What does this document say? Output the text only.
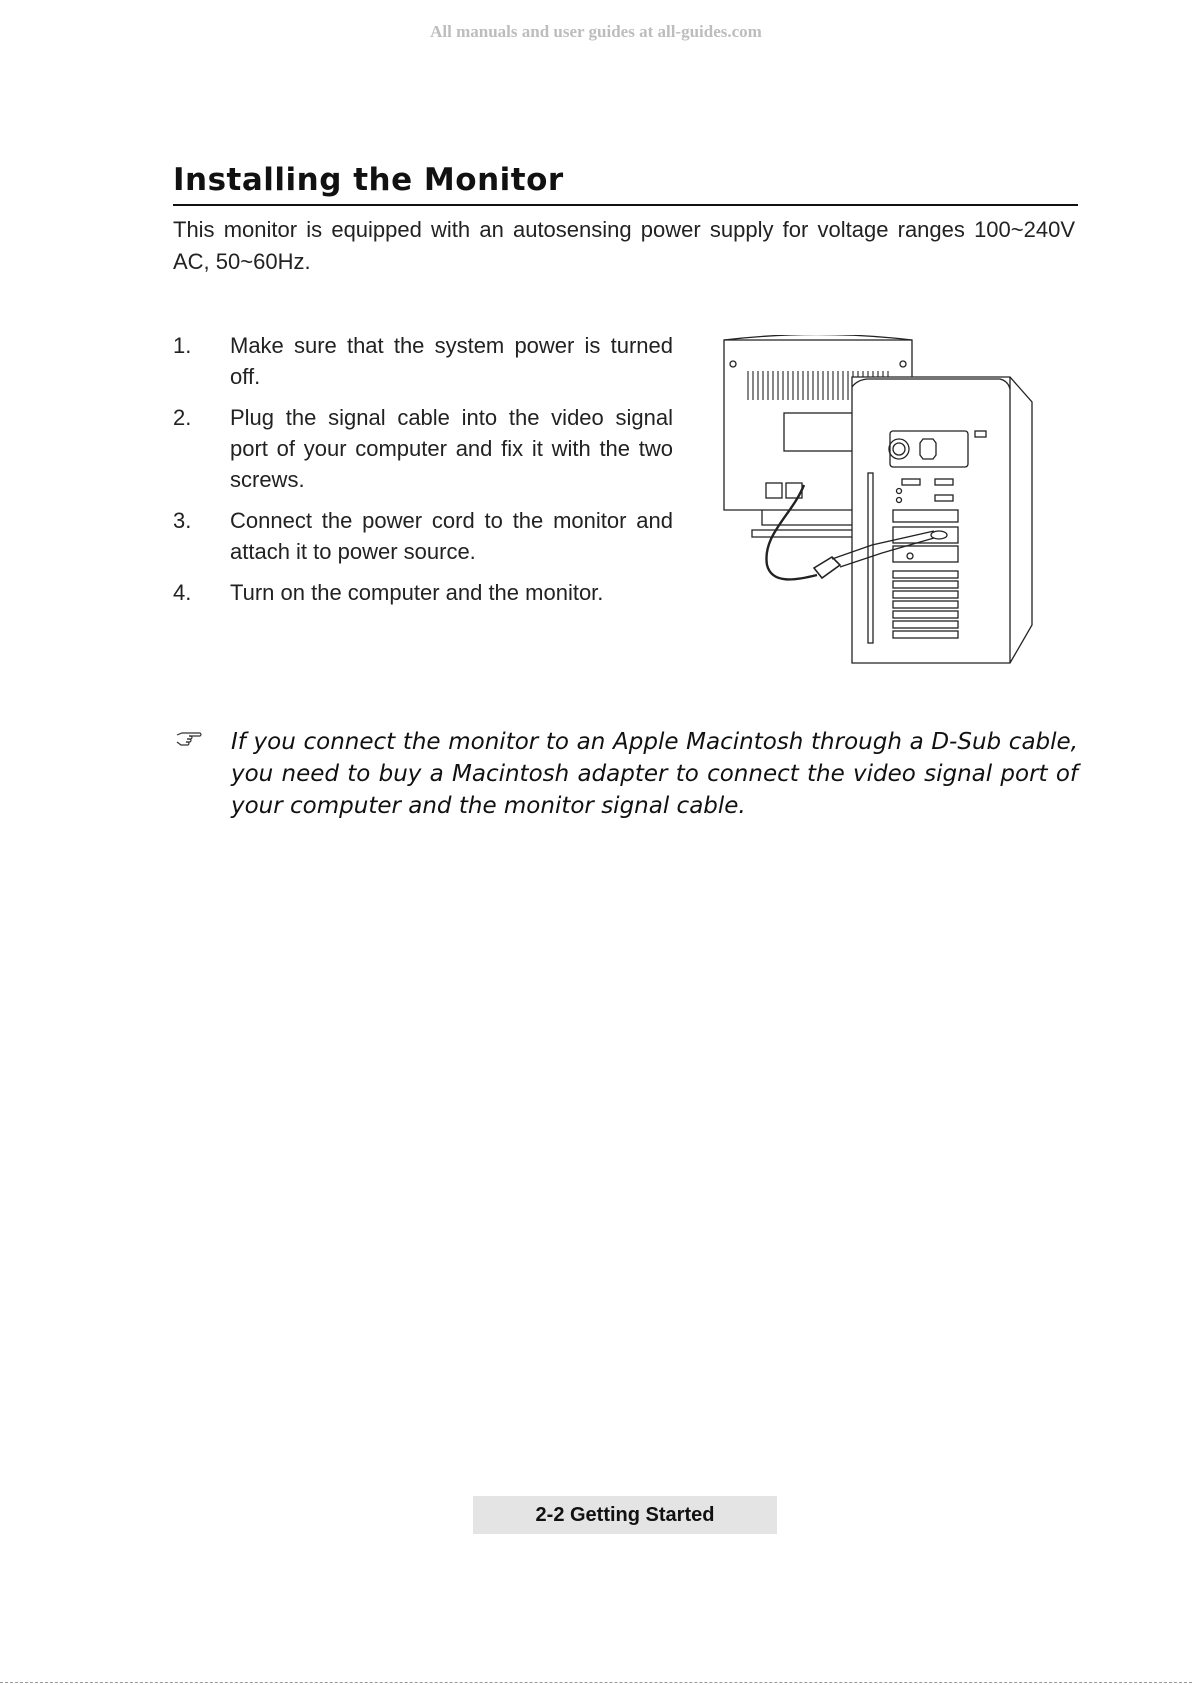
All manuals and user guides at all-guides.com
Installing the Monitor
This monitor is equipped with an autosensing power supply for voltage ranges 100~240V AC, 50~60Hz.
1. Make sure that the system power is turned off.
2. Plug the signal cable into the video signal port of your computer and fix it with the two screws.
3. Connect the power cord to the monitor and attach it to power source.
4. Turn on the computer and the monitor.
If you connect the monitor to an Apple Macintosh through a D-Sub cable, you need to buy a Macintosh adapter to connect the video signal port of your computer and the monitor signal cable.
2-2 Getting Started
